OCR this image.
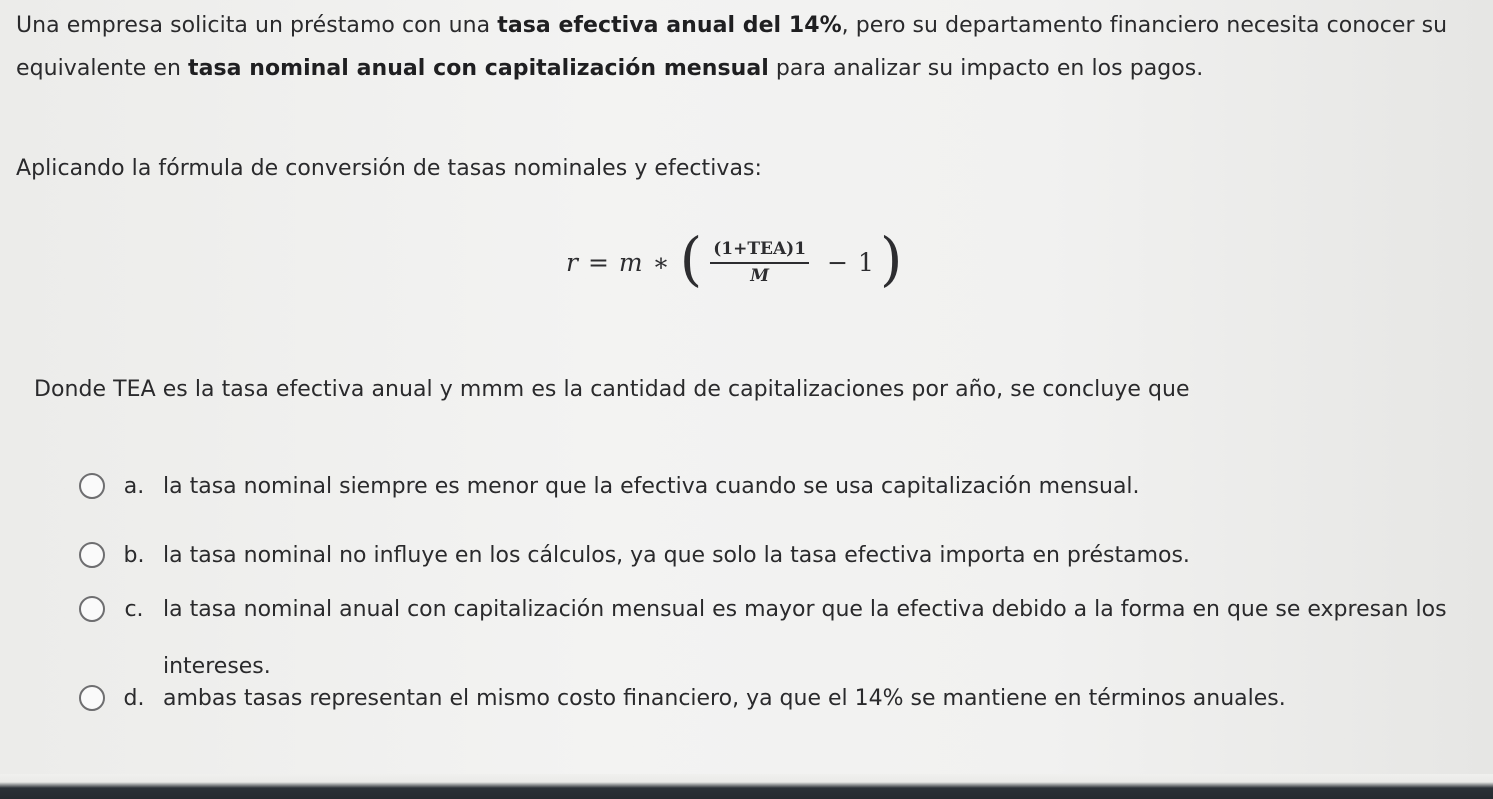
Una empresa solicita un préstamo con una tasa efectiva anual del 14%, pero su departamento financiero necesita conocer su equivalente en tasa nominal anual con capitalización mensual para analizar su impacto en los pagos.
Aplicando la fórmula de conversión de tasas nominales y efectivas:
r = m ∗ ( $\frac{\text{(1+TEA)1}}{M} - 1$ )
Donde TEA es la tasa efectiva anual y mmm es la cantidad de capitalizaciones por año, se concluye que
a. la tasa nominal siempre es menor que la efectiva cuando se usa capitalización mensual.
b. la tasa nominal no influye en los cálculos, ya que solo la tasa efectiva importa en préstamos.
c. la tasa nominal anual con capitalización mensual es mayor que la efectiva debido a la forma en que se expresan los intereses.
d. ambas tasas representan el mismo costo financiero, ya que el 14% se mantiene en términos anuales.
